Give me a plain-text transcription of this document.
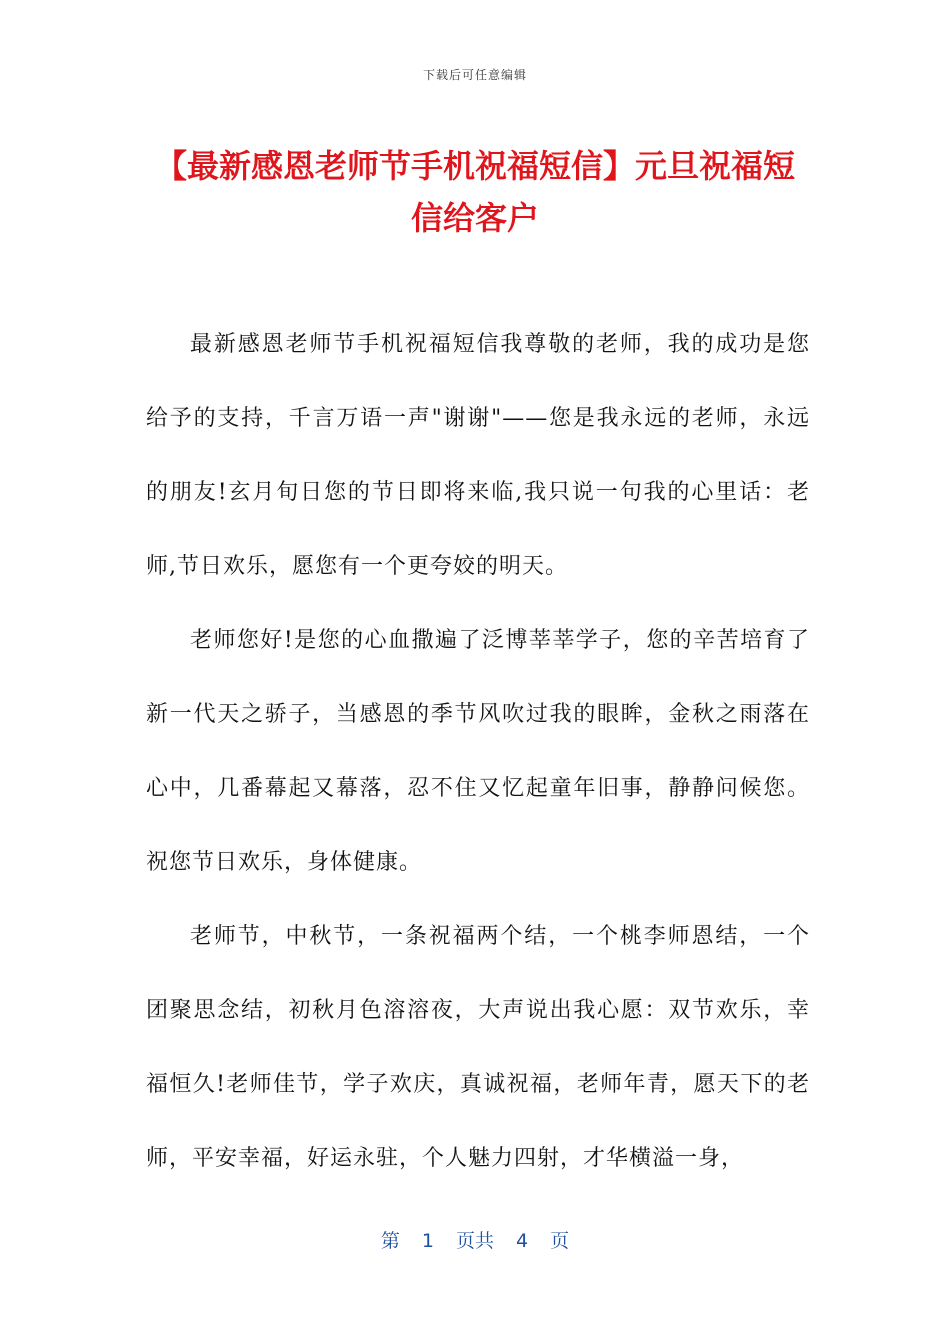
下载后可任意编辑
【最新感恩老师节手机祝福短信】元旦祝福短信给客户

最新感恩老师节手机祝福短信我尊敬的老师，我的成功是您给予的支持，千言万语一声"谢谢"——您是我永远的老师，永远的朋友!玄月旬日您的节日即将来临,我只说一句我的心里话：老师,节日欢乐，愿您有一个更夸姣的明天。

老师您好!是您的心血撒遍了泛博莘莘学子，您的辛苦培育了新一代天之骄子，当感恩的季节风吹过我的眼眸，金秋之雨落在心中，几番幕起又幕落，忍不住又忆起童年旧事，静静问候您。祝您节日欢乐，身体健康。

老师节，中秋节，一条祝福两个结，一个桃李师恩结，一个团聚思念结，初秋月色溶溶夜，大声说出我心愿：双节欢乐，幸福恒久!老师佳节，学子欢庆，真诚祝福，老师年青，愿天下的老师，平安幸福，好运永驻，个人魅力四射，才华横溢一身，

第 1 页共 4 页
